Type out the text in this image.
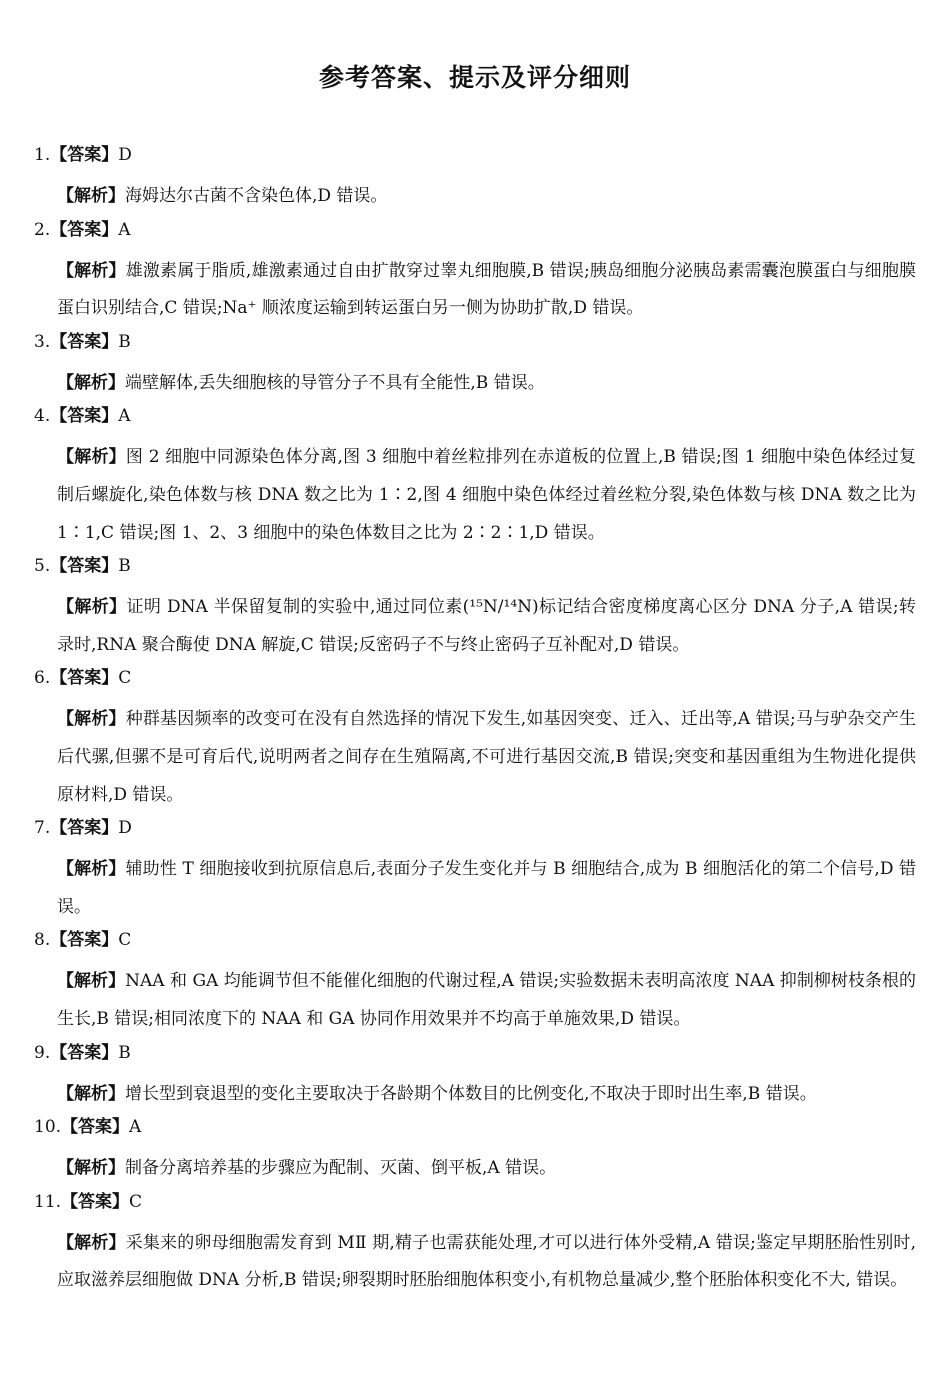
参考答案、提示及评分细则
1.【答案】D
【解析】海姆达尔古菌不含染色体,D 错误。
2.【答案】A
【解析】雄激素属于脂质,雄激素通过自由扩散穿过睾丸细胞膜,B 错误;胰岛细胞分泌胰岛素需囊泡膜蛋白与细胞膜蛋白识别结合,C 错误;Na⁺ 顺浓度运输到转运蛋白另一侧为协助扩散,D 错误。
3.【答案】B
【解析】端壁解体,丢失细胞核的导管分子不具有全能性,B 错误。
4.【答案】A
【解析】图 2 细胞中同源染色体分离,图 3 细胞中着丝粒排列在赤道板的位置上,B 错误;图 1 细胞中染色体经过复制后螺旋化,染色体数与核 DNA 数之比为 1∶2,图 4 细胞中染色体经过着丝粒分裂,染色体数与核 DNA 数之比为 1∶1,C 错误;图 1、2、3 细胞中的染色体数目之比为 2∶2∶1,D 错误。
5.【答案】B
【解析】证明 DNA 半保留复制的实验中,通过同位素(¹⁵N/¹⁴N)标记结合密度梯度离心区分 DNA 分子,A 错误;转录时,RNA 聚合酶使 DNA 解旋,C 错误;反密码子不与终止密码子互补配对,D 错误。
6.【答案】C
【解析】种群基因频率的改变可在没有自然选择的情况下发生,如基因突变、迁入、迁出等,A 错误;马与驴杂交产生后代骡,但骡不是可育后代,说明两者之间存在生殖隔离,不可进行基因交流,B 错误;突变和基因重组为生物进化提供原材料,D 错误。
7.【答案】D
【解析】辅助性 T 细胞接收到抗原信息后,表面分子发生变化并与 B 细胞结合,成为 B 细胞活化的第二个信号,D 错误。
8.【答案】C
【解析】NAA 和 GA 均能调节但不能催化细胞的代谢过程,A 错误;实验数据未表明高浓度 NAA 抑制柳树枝条根的生长,B 错误;相同浓度下的 NAA 和 GA 协同作用效果并不均高于单施效果,D 错误。
9.【答案】B
【解析】增长型到衰退型的变化主要取决于各龄期个体数目的比例变化,不取决于即时出生率,B 错误。
10.【答案】A
【解析】制备分离培养基的步骤应为配制、灭菌、倒平板,A 错误。
11.【答案】C
【解析】采集来的卵母细胞需发育到 MⅡ 期,精子也需获能处理,才可以进行体外受精,A 错误;鉴定早期胚胎性别时,应取滋养层细胞做 DNA 分析,B 错误;卵裂期时胚胎细胞体积变小,有机物总量减少,整个胚胎体积变化不大, 错误。
